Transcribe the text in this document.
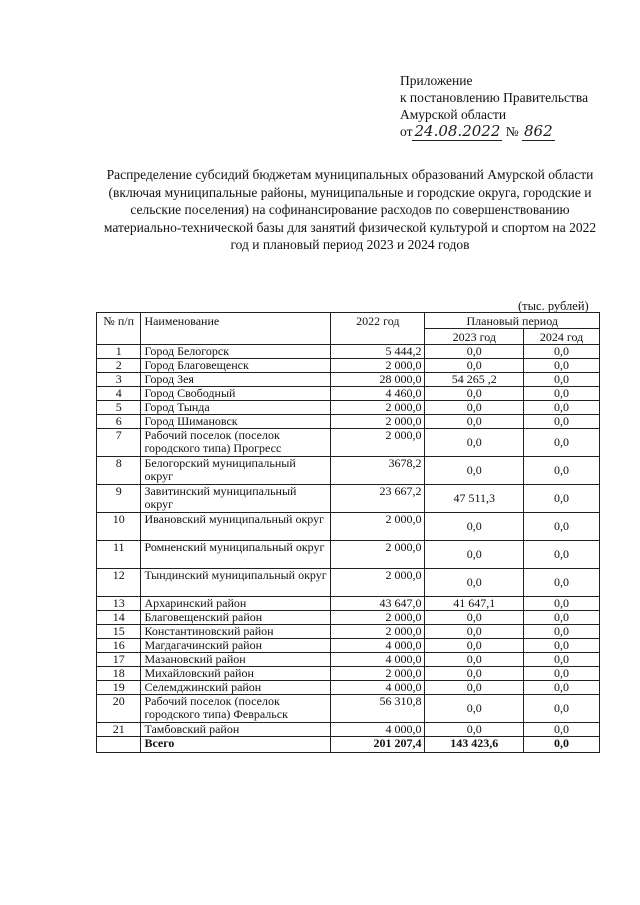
Приложение
к постановлению Правительства
Амурской области
от 24.08.2022 № 862
Распределение субсидий бюджетам муниципальных образований Амурской области (включая муниципальные районы, муниципальные и городские округа, городские и сельские поселения) на софинансирование расходов по совершенствованию материально-технической базы для занятий физической культурой и спортом на 2022 год и плановый период 2023 и 2024 годов
(тыс. рублей)
№ п/п	Наименование	2022 год	Плановый период	
			2023 год	2024 год
1	Город Белогорск	5 444,2	0,0	0,0
2	Город Благовещенск	2 000,0	0,0	0,0
3	Город Зея	28 000,0	54 265 ,2	0,0
4	Город Свободный	4 460,0	0,0	0,0
5	Город Тында	2 000,0	0,0	0,0
6	Город Шимановск	2 000,0	0,0	0,0
7	Рабочий поселок (поселок городского типа) Прогресс	2 000,0	0,0	0,0
8	Белогорский муниципальный округ	3678,2	0,0	0,0
9	Завитинский муниципальный округ	23 667,2	47 511,3	0,0
10	Ивановский муниципальный округ	2 000,0	0,0	0,0
11	Ромненский муниципальный округ	2 000,0	0,0	0,0
12	Тындинский муниципальный округ	2 000,0	0,0	0,0
13	Архаринский район	43 647,0	41 647,1	0,0
14	Благовещенский район	2 000,0	0,0	0,0
15	Константиновский район	2 000,0	0,0	0,0
16	Магдагачинский район	4 000,0	0,0	0,0
17	Мазановский район	4 000,0	0,0	0,0
18	Михайловский район	2 000,0	0,0	0,0
19	Селемджинский район	4 000,0	0,0	0,0
20	Рабочий поселок (поселок городского типа) Февральск	56 310,8	0,0	0,0
21	Тамбовский район	4 000,0	0,0	0,0
	Всего	201 207,4	143 423,6	0,0
